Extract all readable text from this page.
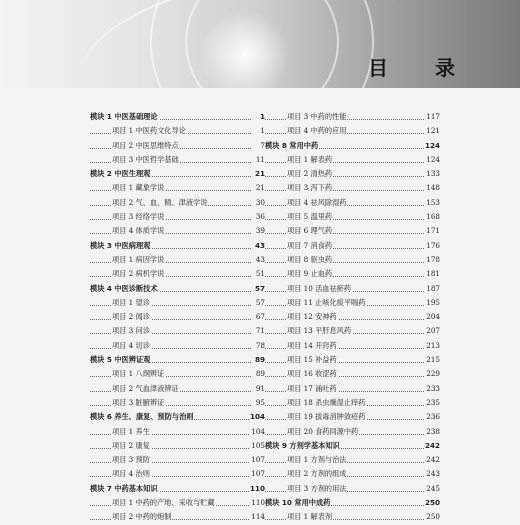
目 录
模块 1 中医基础理论	1
项目 1 中医药文化导论	1
项目 2 中医思维特点	7
项目 3 中医哲学基础	11
模块 2 中医生理观	21
项目 1 藏象学说	21
项目 2 气、血、精、津液学说	30
项目 3 经络学说	36
项目 4 体质学说	39
模块 3 中医病理观	43
项目 1 病因学说	43
项目 2 病机学说	51
模块 4 中医诊断技术	57
项目 1 望诊	57
项目 2 闻诊	67
项目 3 问诊	71
项目 4 切诊	78
模块 5 中医辨证观	89
项目 1 八纲辨证	89
项目 2 气血津液辨证	91
项目 3 脏腑辨证	95
模块 6 养生、康复、预防与治则	104
项目 1 养生	104
项目 2 康复	105
项目 3 预防	107
项目 4 治则	107
模块 7 中药基本知识	110
项目 1 中药的产地、采收与贮藏	110
项目 2 中药的炮制	114
项目 3 中药的性能	117
项目 4 中药的应用	121
模块 8 常用中药	124
项目 1 解表药	124
项目 2 清热药	133
项目 3 泻下药	148
项目 4 祛风除湿药	153
项目 5 温里药	168
项目 6 理气药	171
项目 7 消食药	176
项目 8 驱虫药	178
项目 9 止血药	181
项目 10 活血祛瘀药	187
项目 11 止咳化痰平喘药	195
项目 12 安神药	204
项目 13 平肝息风药	207
项目 14 开窍药	213
项目 15 补益药	215
项目 16 收涩药	229
项目 17 涌吐药	233
项目 18 杀虫燥湿止痒药	235
项目 19 拔毒消肿敛疮药	236
项目 20 食药同源中药	238
模块 9 方剂学基本知识	242
项目 1 方剂与治法	242
项目 2 方剂的组成	243
项目 3 方剂的用法	245
模块 10 常用中成药	250
项目 1 解表剂	250
